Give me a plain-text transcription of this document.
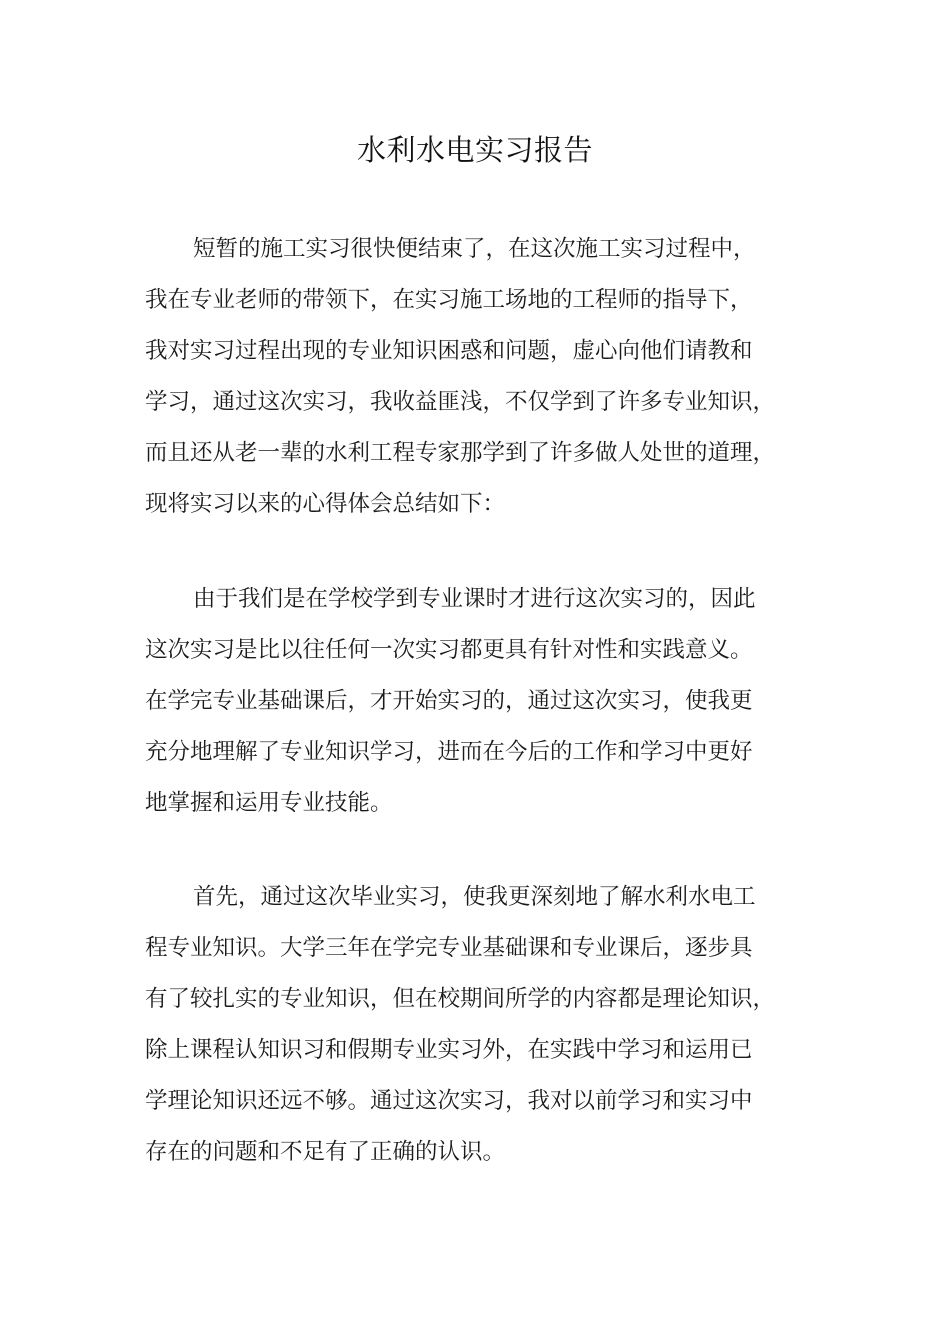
水利水电实习报告
短暂的施工实习很快便结束了，在这次施工实习过程中，
我在专业老师的带领下，在实习施工场地的工程师的指导下，
我对实习过程出现的专业知识困惑和问题，虚心向他们请教和
学习，通过这次实习，我收益匪浅，不仅学到了许多专业知识，
而且还从老一辈的水利工程专家那学到了许多做人处世的道理，
现将实习以来的心得体会总结如下：
由于我们是在学校学到专业课时才进行这次实习的，因此
这次实习是比以往任何一次实习都更具有针对性和实践意义。
在学完专业基础课后，才开始实习的，通过这次实习，使我更
充分地理解了专业知识学习，进而在今后的工作和学习中更好
地掌握和运用专业技能。
首先，通过这次毕业实习，使我更深刻地了解水利水电工
程专业知识。大学三年在学完专业基础课和专业课后，逐步具
有了较扎实的专业知识，但在校期间所学的内容都是理论知识，
除上课程认知识习和假期专业实习外，在实践中学习和运用已
学理论知识还远不够。通过这次实习，我对以前学习和实习中
存在的问题和不足有了正确的认识。
